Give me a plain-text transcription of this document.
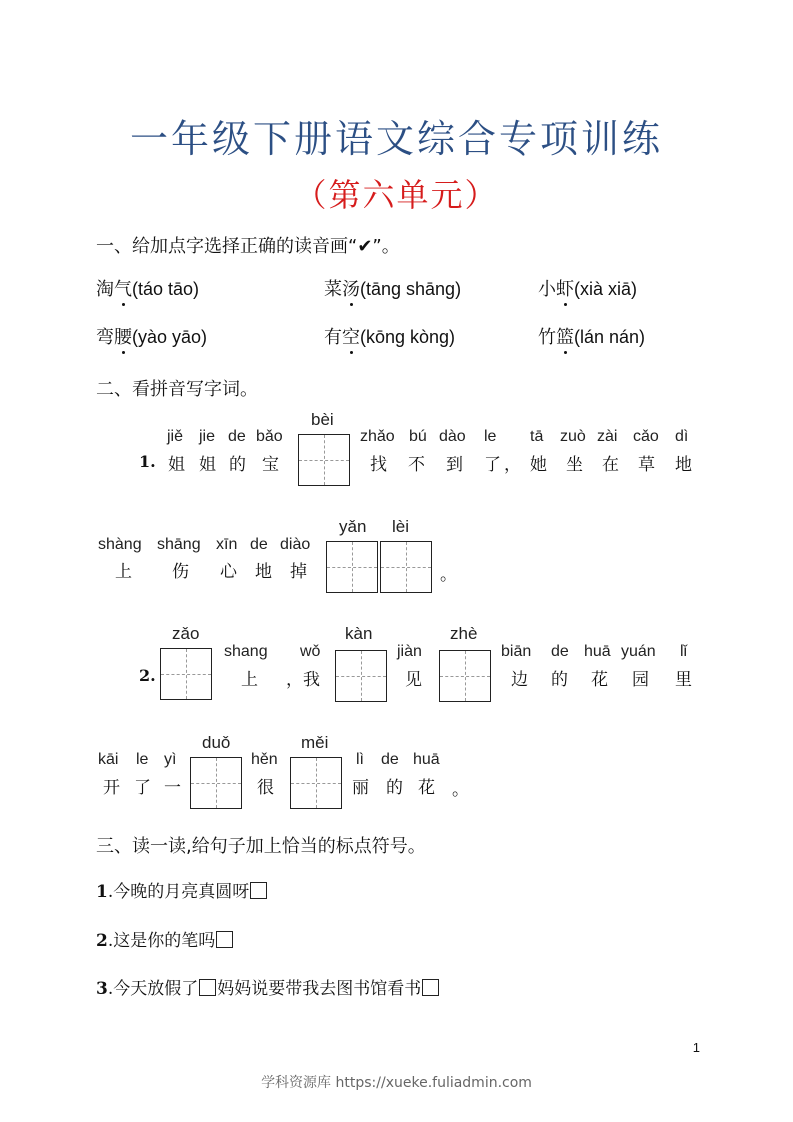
一年级下册语文综合专项训练
（第六单元）
一、给加点字选择正确的读音画“✔”。
淘气(táo tāo)	菜汤(tāng shāng)	小虾(xià xiā)
弯腰(yào yāo)	有空(kōng kòng)	竹篮(lán nán)
二、看拼音写字词。
jiě jie de bǎo
1. 姐 姐 的 宝
bèi
zhǎo bú dào le tā zuò zài cǎo dì
找 不 到 了 ， 她 坐 在 草 地
shàng shāng xīn de diào
上 伤 心 地 掉
yǎn lèi
。
zǎo
2.
shang wǒ
上 ，我
kàn
jiàn
见
zhè
biān de huā yuán lǐ
边 的 花 园 里
kāi le yì
开 了 一
duǒ
hěn
很
měi
lì de huā
丽 的 花 。
三、读一读,给句子加上恰当的标点符号。
1.今晚的月亮真圆呀
2.这是你的笔吗
3.今天放假了 妈妈说要带我去图书馆看书
1
学科资源库 https://xueke.fuliadmin.com
